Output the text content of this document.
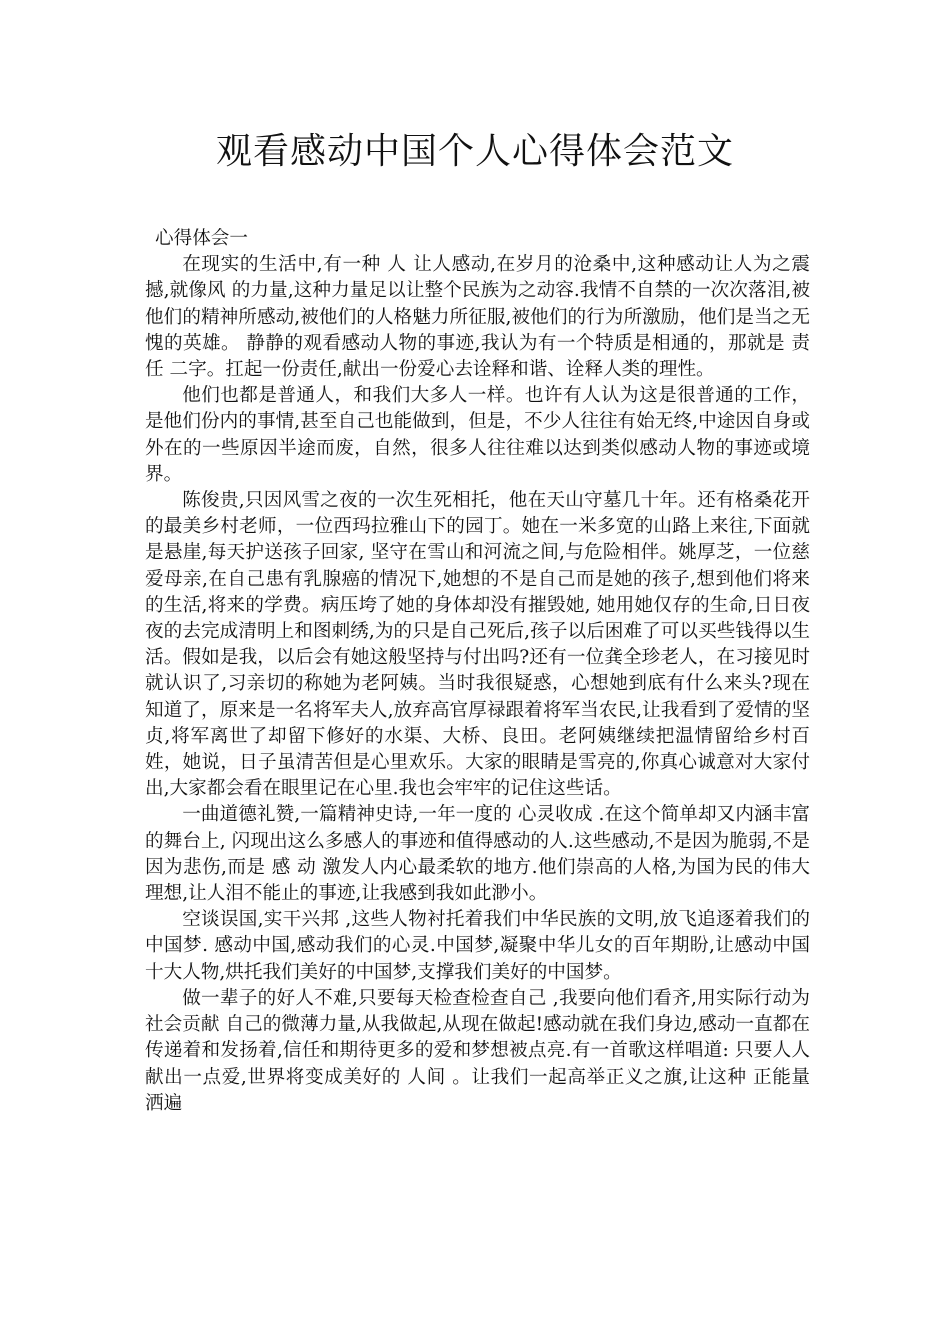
观看感动中国个人心得体会范文

心得体会一

在现实的生活中,有一种 人 让人感动,在岁月的沧桑中,这种感动让人为之震撼,就像风 的力量,这种力量足以让整个民族为之动容.我情不自禁的一次次落泪,被他们的精神所感动,被他们的人格魅力所征服,被他们的行为所激励，他们是当之无愧的英雄。 静静的观看感动人物的事迹,我认为有一个特质是相通的，那就是 责任 二字。扛起一份责任,献出一份爱心去诠释和谐、诠释人类的理性。

他们也都是普通人，和我们大多人一样。也许有人认为这是很普通的工作，是他们份内的事情,甚至自己也能做到，但是，不少人往往有始无终,中途因自身或外在的一些原因半途而废，自然，很多人往往难以达到类似感动人物的事迹或境界。

陈俊贵,只因风雪之夜的一次生死相托，他在天山守墓几十年。还有格桑花开的最美乡村老师，一位西玛拉雅山下的园丁。她在一米多宽的山路上来往,下面就是悬崖,每天护送孩子回家, 坚守在雪山和河流之间,与危险相伴。姚厚芝，一位慈爱母亲,在自己患有乳腺癌的情况下,她想的不是自己而是她的孩子,想到他们将来的生活,将来的学费。病压垮了她的身体却没有摧毁她, 她用她仅存的生命,日日夜夜的去完成清明上和图刺绣,为的只是自己死后,孩子以后困难了可以买些钱得以生活。假如是我，以后会有她这般坚持与付出吗?还有一位龚全珍老人，在习接见时就认识了,习亲切的称她为老阿姨。当时我很疑惑，心想她到底有什么来头?现在知道了，原来是一名将军夫人,放弃高官厚禄跟着将军当农民,让我看到了爱情的坚贞,将军离世了却留下修好的水渠、大桥、良田。老阿姨继续把温情留给乡村百姓，她说，日子虽清苦但是心里欢乐。大家的眼睛是雪亮的,你真心诚意对大家付出,大家都会看在眼里记在心里.我也会牢牢的记住这些话。

一曲道德礼赞,一篇精神史诗,一年一度的 心灵收成 .在这个简单却又内涵丰富的舞台上, 闪现出这么多感人的事迹和值得感动的人.这些感动,不是因为脆弱,不是因为悲伤,而是 感 动 激发人内心最柔软的地方.他们崇高的人格,为国为民的伟大理想,让人泪不能止的事迹,让我感到我如此渺小。

空谈误国,实干兴邦 ,这些人物衬托着我们中华民族的文明,放飞追逐着我们的中国梦. 感动中国,感动我们的心灵.中国梦,凝聚中华儿女的百年期盼,让感动中国十大人物,烘托我们美好的中国梦,支撑我们美好的中国梦。

做一辈子的好人不难,只要每天检查检查自己 ,我要向他们看齐,用实际行动为社会贡献 自己的微薄力量,从我做起,从现在做起!感动就在我们身边,感动一直都在传递着和发扬着,信任和期待更多的爱和梦想被点亮.有一首歌这样唱道: 只要人人献出一点爱,世界将变成美好的 人间 。让我们一起高举正义之旗,让这种 正能量 洒遍
